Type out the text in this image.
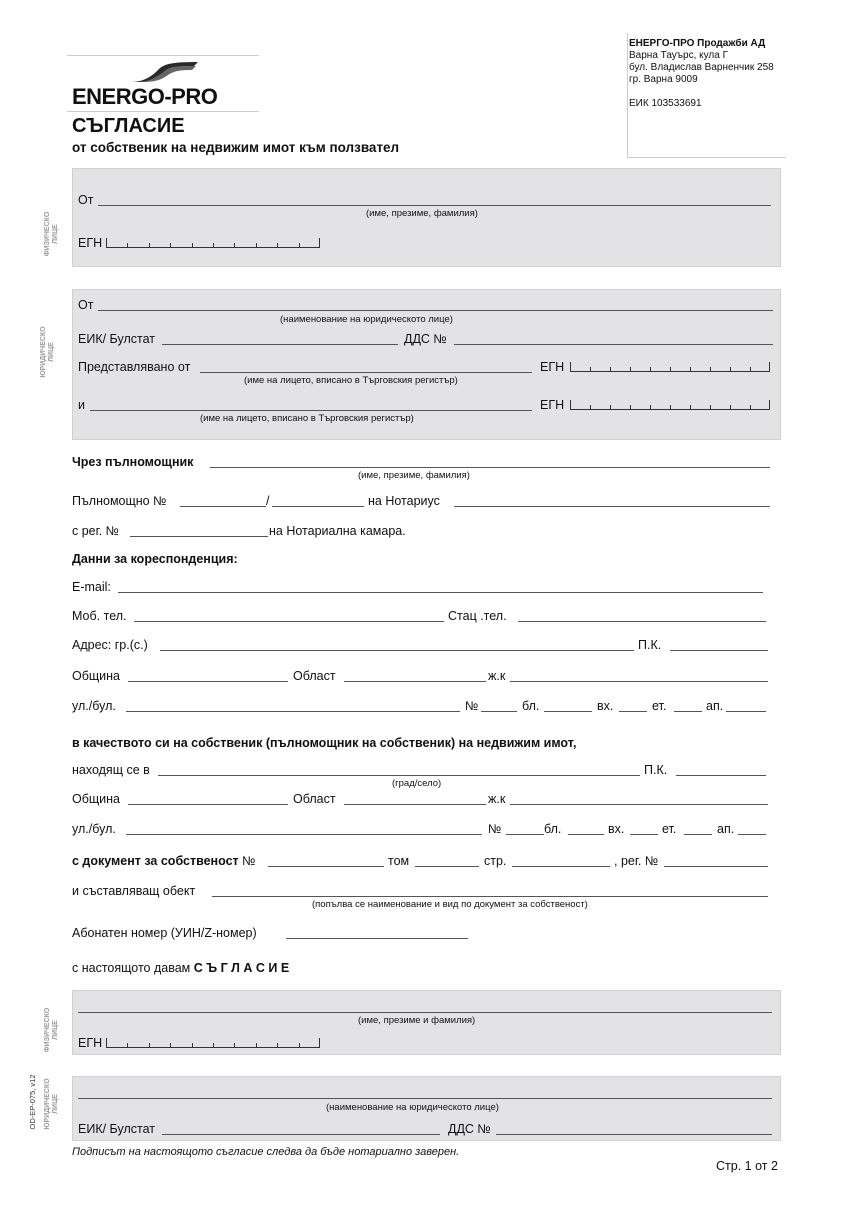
ЕНЕРГО-ПРО Продажби АД
Варна Тауърс, кула Г
бул. Владислав Варненчик 258
гр. Варна 9009
ЕИК 103533691
ENERGO-PRO
СЪГЛАСИЕ
от собственик на недвижим имот към ползвател
ФИЗИЧЕСКО
ЛИЦЕ
ЮРИДИЧЕСКО
ЛИЦЕ
ФИЗИЧЕСКО
ЛИЦЕ
ЮРИДИЧЕСКО
ЛИЦЕ
OD-EP-075, v12
От
(име, презиме, фамилия)
ЕГН
От
(наименование на юридическото лице)
ЕИК/ Булстат	ДДС №
Представлявано от	ЕГН
(име на лицето, вписано в Търговския регистър)
и	ЕГН
(име на лицето, вписано в Търговския регистър)
Чрез пълномощник
(име, презиме, фамилия)
Пълномощно №	/	на Нотариус
с рег. №	на Нотариална камара.
Данни за кореспонденция:
E-mail:
Моб. тел.	Стац .тел.
Адрес: гр.(с.)	П.К.
Община	Област	ж.к
ул./бул.	№	бл.	вх.	ет.	ап.
в качеството си на собственик (пълномощник на собственик) на недвижим имот,
находящ се в	П.К.
(град/село)
Община	Област	ж.к
ул./бул.	№	бл.	вх.	ет.	ап.
с документ за собственост №	том	стр.	, рег. №
и съставляващ обект
(попълва се наименование и вид по документ за собственост)
Абонатен номер (УИН/Z-номер)
с настоящото давам С Ъ Г Л А С И Е
(име, презиме и фамилия)
ЕГН
(наименование на юридическото лице)
ЕИК/ Булстат	ДДС №
Подписът на настоящото съгласие следва да бъде нотариално заверен.
Стр. 1 от 2
